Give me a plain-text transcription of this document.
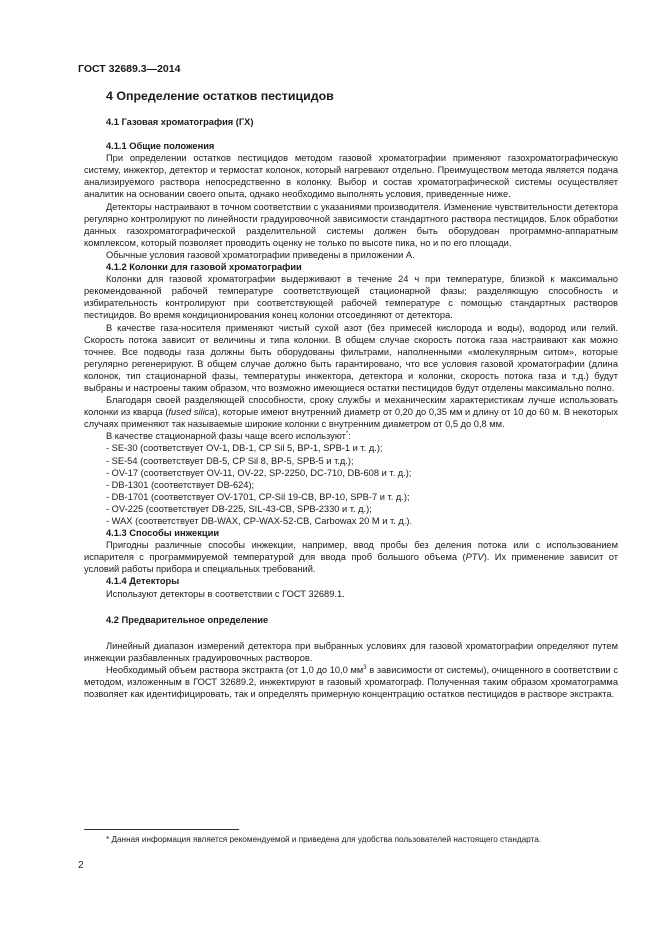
ГОСТ 32689.3—2014

4 Определение остатков пестицидов

4.1 Газовая хроматография (ГХ)

4.1.1 Общие положения

При определении остатков пестицидов методом газовой хроматографии применяют газохроматографическую систему, инжектор, детектор и термостат колонок, который нагревают отдельно. Преимуществом метода является подача анализируемого раствора непосредственно в колонку. Выбор и состав хроматографической системы осуществляет аналитик на основании своего опыта, однако необходимо выполнять условия, приведенные ниже.

Детекторы настраивают в точном соответствии с указаниями производителя. Изменение чувствительности детектора регулярно контролируют по линейности градуировочной зависимости стандартного раствора пестицидов. Блок обработки данных газохроматографической разделительной системы должен быть оборудован программно-аппаратным комплексом, который позволяет проводить оценку не только по высоте пика, но и по его площади.

Обычные условия газовой хроматографии приведены в приложении А.

4.1.2 Колонки для газовой хроматографии

Колонки для газовой хроматографии выдерживают в течение 24 ч при температуре, близкой к максимально рекомендованной рабочей температуре соответствующей стационарной фазы; разделяющую способность и избирательность контролируют при соответствующей рабочей температуре с помощью стандартных растворов пестицидов. Во время кондиционирования конец колонки отсоединяют от детектора.

В качестве газа-носителя применяют чистый сухой азот (без примесей кислорода и воды), водород или гелий. Скорость потока зависит от величины и типа колонки. В общем случае скорость потока газа настраивают как можно точнее. Все подводы газа должны быть оборудованы фильтрами, наполненными «молекулярным ситом», которые регулярно регенерируют. В общем случае должно быть гарантировано, что все условия газовой хроматографии (длина колонок, тип стационарной фазы, температуры инжектора, детектора и колонки, скорость потока газа и т.д.) будут выбраны и настроены таким образом, что возможно имеющиеся остатки пестицидов будут отделены максимально полно.

Благодаря своей разделяющей способности, сроку службы и механическим характеристикам лучше использовать колонки из кварца (fused silica), которые имеют внутренний диаметр от 0,20 до 0,35 мм и длину от 10 до 60 м. В некоторых случаях применяют так называемые широкие колонки с внутренним диаметром от 0,5 до 0,8 мм.

В качестве стационарной фазы чаще всего используют*:

- SE-30 (соответствует OV-1, DB-1, CP Sil 5, BP-1, SPB-1 и т. д.);

- SE-54 (соответствует DB-5, CP Sil 8, BP-5, SPB-5 и т.д.);

- OV-17 (соответствует OV-11, OV-22, SP-2250, DC-710, DB-608 и т. д.);

- DB-1301 (соответствует DB-624);

- DB-1701 (соответствует OV-1701, CP-Sil 19-CB, BP-10, SPB-7 и т. д.);

- OV-225 (соответствует DB-225, SIL-43-CB, SPB-2330 и т. д.);

- WAX (соответствует DB-WAX, CP-WAX-52-CB, Carbowax 20 M и т. д.).

4.1.3 Способы инжекции

Пригодны различные способы инжекции, например, ввод пробы без деления потока или с использованием испарителя с программируемой температурой для ввода проб большого объема (PTV). Их применение зависит от условий работы прибора и специальных требований.

4.1.4 Детекторы

Используют детекторы в соответствии с ГОСТ 32689.1.

4.2 Предварительное определение

Линейный диапазон измерений детектора при выбранных условиях для газовой хроматографии определяют путем инжекции разбавленных градуировочных растворов.

Необходимый объем раствора экстракта (от 1,0 до 10,0 $мм^3$ в зависимости от системы), очищенного в соответствии с методом, изложенным в ГОСТ 32689.2, инжектируют в газовый хроматограф. Полученная таким образом хроматограмма позволяет как идентифицировать, так и определять примерную концентрацию остатков пестицидов в растворе экстракта.

* Данная информация является рекомендуемой и приведена для удобства пользователей настоящего стандарта.

2
